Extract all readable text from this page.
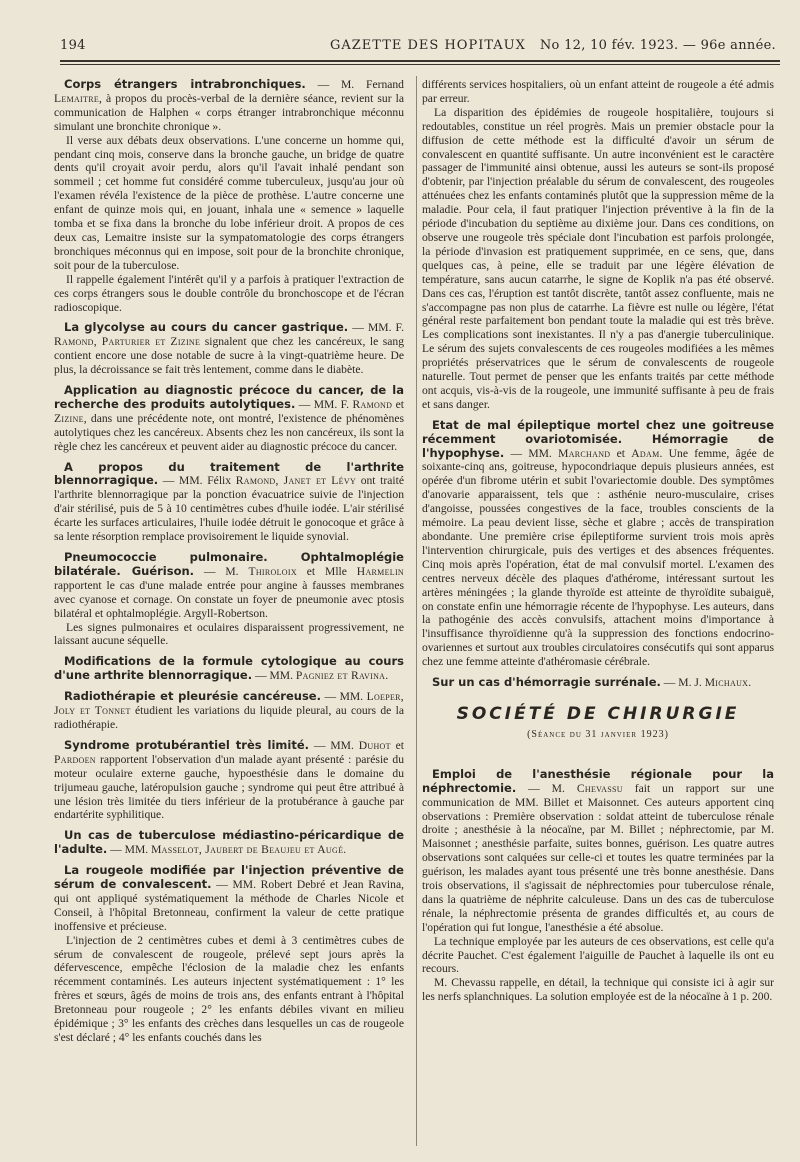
194	GAZETTE DES HOPITAUX No 12, 10 fév. 1923. — 96e année.

Corps étrangers intrabronchiques. — M. Fernand Lemaitre, à propos du procès-verbal de la dernière séance, revient sur la communication de Halphen « corps étranger intrabronchique méconnu simulant une bronchite chronique ».

Il verse aux débats deux observations. L'une concerne un homme qui, pendant cinq mois, conserve dans la bronche gauche, un bridge de quatre dents qu'il croyait avoir perdu, alors qu'il l'avait inhalé pendant son sommeil ; cet homme fut considéré comme tuberculeux, jusqu'au jour où l'examen révéla l'existence de la pièce de prothèse. L'autre concerne une enfant de quinze mois qui, en jouant, inhala une « semence » laquelle tomba et se fixa dans la bronche du lobe inférieur droit. A propos de ces deux cas, Lemaitre insiste sur la sympatomatologie des corps étrangers bronchiques méconnus qui en impose, soit pour de la bronchite chronique, soit pour de la tuberculose.

Il rappelle également l'intérêt qu'il y a parfois à pratiquer l'extraction de ces corps étrangers sous le double contrôle du bronchoscope et de l'écran radioscopique.

La glycolyse au cours du cancer gastrique. — MM. F. Ramond, Parturier et Zizine signalent que chez les cancéreux, le sang contient encore une dose notable de sucre à la vingt-quatrième heure. De plus, la décroissance se fait très lentement, comme dans le diabète.

Application au diagnostic précoce du cancer, de la recherche des produits autolytiques. — MM. F. Ramond et Zizine, dans une précédente note, ont montré, l'existence de phénomènes autolytiques chez les cancéreux. Absents chez les non cancéreux, ils sont la règle chez les cancéreux et peuvent aider au diagnostic précoce du cancer.

A propos du traitement de l'arthrite blennorragique. — MM. Félix Ramond, Janet et Lévy ont traité l'arthrite blennorragique par la ponction évacuatrice suivie de l'injection d'air stérilisé, puis de 5 à 10 centimètres cubes d'huile iodée. L'air stérilisé écarte les surfaces articulaires, l'huile iodée détruit le gonocoque et grâce à sa lente résorption remplace provisoirement le liquide synovial.

Pneumococcie pulmonaire. Ophtalmoplégie bilatérale. Guérison. — M. Thiroloix et Mlle Harmelin rapportent le cas d'une malade entrée pour angine à fausses membranes avec cyanose et cornage. On constate un foyer de pneumonie avec ptosis bilatéral et ophtalmoplégie. Argyll-Robertson.

Les signes pulmonaires et oculaires disparaissent progressivement, ne laissant aucune séquelle.

Modifications de la formule cytologique au cours d'une arthrite blennorragique. — MM. Pagniez et Ravina.

Radiothérapie et pleurésie cancéreuse. — MM. Loeper, Joly et Tonnet étudient les variations du liquide pleural, au cours de la radiothérapie.

Syndrome protubérantiel très limité. — MM. Duhot et Pardoen rapportent l'observation d'un malade ayant présenté : parésie du moteur oculaire externe gauche, hypoesthésie dans le domaine du trijumeau gauche, latéropulsion gauche ; syndrome qui peut être attribué à une lésion très limitée du tiers inférieur de la protubérance à gauche par endartérite syphilitique.

Un cas de tuberculose médiastino-péricardique de l'adulte. — MM. Masselot, Jaubert de Beaujeu et Augé.

La rougeole modifiée par l'injection préventive de sérum de convalescent. — MM. Robert Debré et Jean Ravina, qui ont appliqué systématiquement la méthode de Charles Nicole et Conseil, à l'hôpital Bretonneau, confirment la valeur de cette pratique inoffensive et précieuse.

L'injection de 2 centimètres cubes et demi à 3 centimètres cubes de sérum de convalescent de rougeole, prélevé sept jours après la défervescence, empêche l'éclosion de la maladie chez les enfants récemment contaminés. Les auteurs injectent systématiquement : 1° les frères et sœurs, âgés de moins de trois ans, des enfants entrant à l'hôpital Bretonneau pour rougeole ; 2° les enfants débiles vivant en milieu épidémique ; 3° les enfants des crèches dans lesquelles un cas de rougeole s'est déclaré ; 4° les enfants couchés dans les

différents services hospitaliers, où un enfant atteint de rougeole a été admis par erreur.

La disparition des épidémies de rougeole hospitalière, toujours si redoutables, constitue un réel progrès. Mais un premier obstacle pour la diffusion de cette méthode est la difficulté d'avoir un sérum de convalescent en quantité suffisante. Un autre inconvénient est le caractère passager de l'immunité ainsi obtenue, aussi les auteurs se sont-ils proposé d'obtenir, par l'injection préalable du sérum de convalescent, des rougeoles atténuées chez les enfants contaminés plutôt que la suppression même de la maladie. Pour cela, il faut pratiquer l'injection préventive à la fin de la période d'incubation du septième au dixième jour. Dans ces conditions, on observe une rougeole très spéciale dont l'incubation est parfois prolongée, la période d'invasion est pratiquement supprimée, en ce sens, que, dans quelques cas, à peine, elle se traduit par une légère élévation de température, sans aucun catarrhe, le signe de Koplik n'a pas été observé. Dans ces cas, l'éruption est tantôt discrète, tantôt assez confluente, mais ne s'accompagne pas non plus de catarrhe. La fièvre est nulle ou légère, l'état général reste parfaitement bon pendant toute la maladie qui est très brève. Les complications sont inexistantes. Il n'y a pas d'anergie tuberculinique. Le sérum des sujets convalescents de ces rougeoles modifiées a les mêmes propriétés préservatrices que le sérum de convalescents de rougeole naturelle. Tout permet de penser que les enfants traités par cette méthode ont acquis, vis-à-vis de la rougeole, une immunité suffisante à peu de frais et sans danger.

Etat de mal épileptique mortel chez une goitreuse récemment ovariotomisée. Hémorragie de l'hypophyse. — MM. Marchand et Adam. Une femme, âgée de soixante-cinq ans, goitreuse, hypocondriaque depuis plusieurs années, est opérée d'un fibrome utérin et subit l'ovariectomie double. Des symptômes d'anovarie apparaissent, tels que : asthénie neuro-musculaire, crises d'angoisse, poussées congestives de la face, troubles conscients de la mémoire. La peau devient lisse, sèche et glabre ; accès de transpiration abondante. Une première crise épileptiforme survient trois mois après l'intervention chirurgicale, puis des vertiges et des absences fréquentes. Cinq mois après l'opération, état de mal convulsif mortel. L'examen des centres nerveux décèle des plaques d'athérome, intéressant surtout les artères méningées ; la glande thyroïde est atteinte de thyroïdite subaiguë, on constate enfin une hémorragie récente de l'hypophyse. Les auteurs, dans la pathogénie des accès convulsifs, attachent moins d'importance à l'insuffisance thyroïdienne qu'à la suppression des fonctions endocrino-ovariennes et surtout aux troubles circulatoires consécutifs qui sont apparus chez une femme atteinte d'athéromasie cérébrale.

Sur un cas d'hémorragie surrénale. — M. J. Michaux.

SOCIÉTÉ DE CHIRURGIE
(Séance du 31 janvier 1923)

Emploi de l'anesthésie régionale pour la néphrectomie. — M. Chevassu fait un rapport sur une communication de MM. Billet et Maisonnet. Ces auteurs apportent cinq observations : Première observation : soldat atteint de tuberculose rénale droite ; anesthésie à la néocaïne, par M. Billet ; néphrectomie, par M. Maisonnet ; anesthésie parfaite, suites bonnes, guérison. Les quatre autres observations sont calquées sur celle-ci et toutes les quatre terminées par la guérison, les malades ayant tous présenté une très bonne anesthésie. Dans trois observations, il s'agissait de néphrectomies pour tuberculose rénale, dans la quatrième de néphrite calculeuse. Dans un des cas de tuberculose rénale, la néphrectomie présenta de grandes difficultés et, au cours de l'opération qui fut longue, l'anesthésie a été absolue.

La technique employée par les auteurs de ces observations, est celle qu'a décrite Pauchet. C'est également l'aiguille de Pauchet à laquelle ils ont eu recours.

M. Chevassu rappelle, en détail, la technique qui consiste ici à agir sur les nerfs splanchniques. La solution employée est de la néocaïne à 1 p. 200.
